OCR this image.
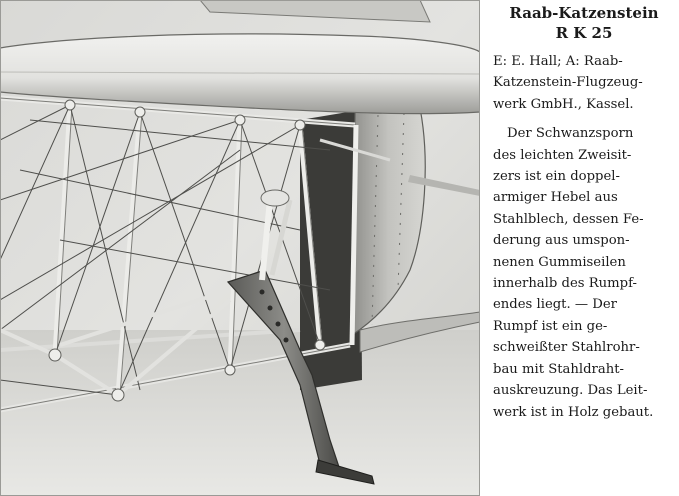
Raab-Katzenstein

R K 25

E: E. Hall; A: Raab-
Katzenstein-Flugzeug-
werk GmbH., Kassel.

Der Schwanzsporn
des leichten Zweisit-
zers ist ein doppel-
armiger Hebel aus
Stahlblech, dessen Fe-
derung aus umspon-
nenen Gummiseilen
innerhalb des Rumpf-
endes liegt. — Der
Rumpf ist ein ge-
schweißter Stahlrohr-
bau mit Stahldraht-
auskreuzung. Das Leit-
werk ist in Holz gebaut.
